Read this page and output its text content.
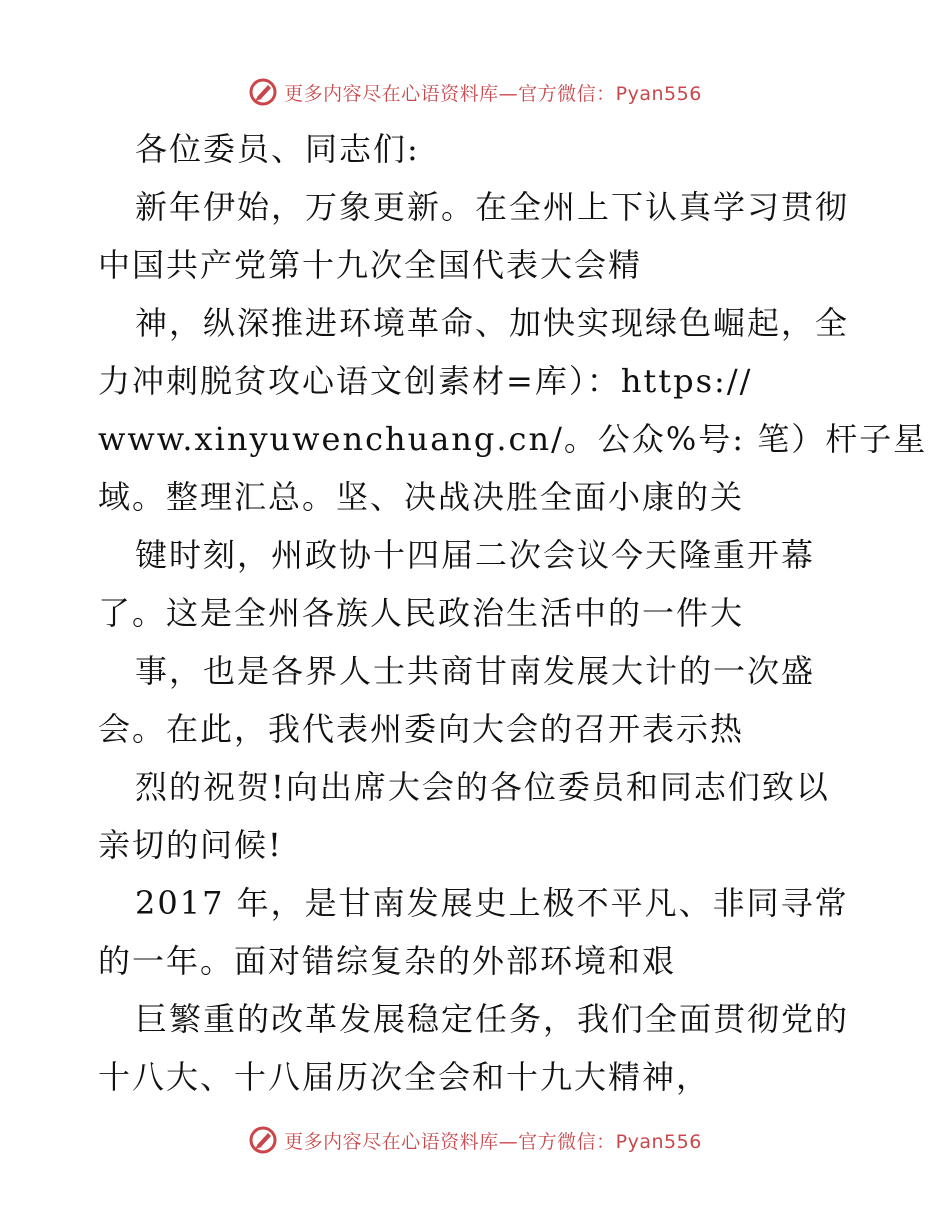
更多内容尽在心语资料库—官方微信：Pyan556
各位委员、同志们:
新年伊始，万象更新。在全州上下认真学习贯彻
中国共产党第十九次全国代表大会精
神，纵深推进环境革命、加快实现绿色崛起，全
力冲刺脱贫攻心语文创素材=库）：https://
www.xinyuwenchuang.cn/。公众%号: 笔）杆子星
域。整理汇总。坚、决战决胜全面小康的关
键时刻，州政协十四届二次会议今天隆重开幕
了。这是全州各族人民政治生活中的一件大
事，也是各界人士共商甘南发展大计的一次盛
会。在此，我代表州委向大会的召开表示热
烈的祝贺!向出席大会的各位委员和同志们致以
亲切的问候!
2017 年，是甘南发展史上极不平凡、非同寻常
的一年。面对错综复杂的外部环境和艰
巨繁重的改革发展稳定任务，我们全面贯彻党的
十八大、十八届历次全会和十九大精神，
更多内容尽在心语资料库—官方微信：Pyan556
